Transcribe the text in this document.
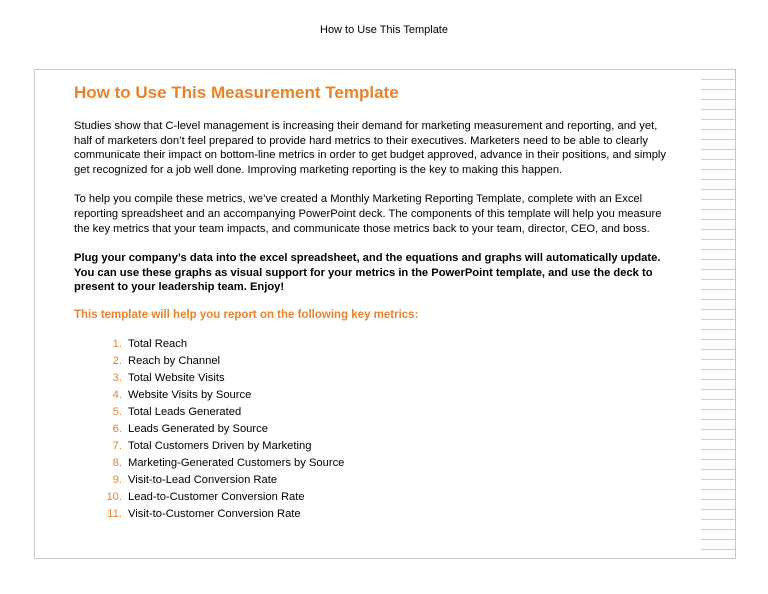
How to Use This Template
How to Use This Measurement Template

Studies show that C-level management is increasing their demand for marketing measurement and reporting, and yet, half of marketers don’t feel prepared to provide hard metrics to their executives. Marketers need to be able to clearly communicate their impact on bottom-line metrics in order to get budget approved, advance in their positions, and simply get recognized for a job well done. Improving marketing reporting is the key to making this happen.

To help you compile these metrics, we’ve created a Monthly Marketing Reporting Template, complete with an Excel reporting spreadsheet and an accompanying PowerPoint deck. The components of this template will help you measure the key metrics that your team impacts, and communicate those metrics back to your team, director, CEO, and boss.

Plug your company’s data into the excel spreadsheet, and the equations and graphs will automatically update. You can use these graphs as visual support for your metrics in the PowerPoint template, and use the deck to present to your leadership team. Enjoy!

This template will help you report on the following key metrics:
1. Total Reach
2. Reach by Channel
3. Total Website Visits
4. Website Visits by Source
5. Total Leads Generated
6. Leads Generated by Source
7. Total Customers Driven by Marketing
8. Marketing-Generated Customers by Source
9. Visit-to-Lead Conversion Rate
10. Lead-to-Customer Conversion Rate
11. Visit-to-Customer Conversion Rate
